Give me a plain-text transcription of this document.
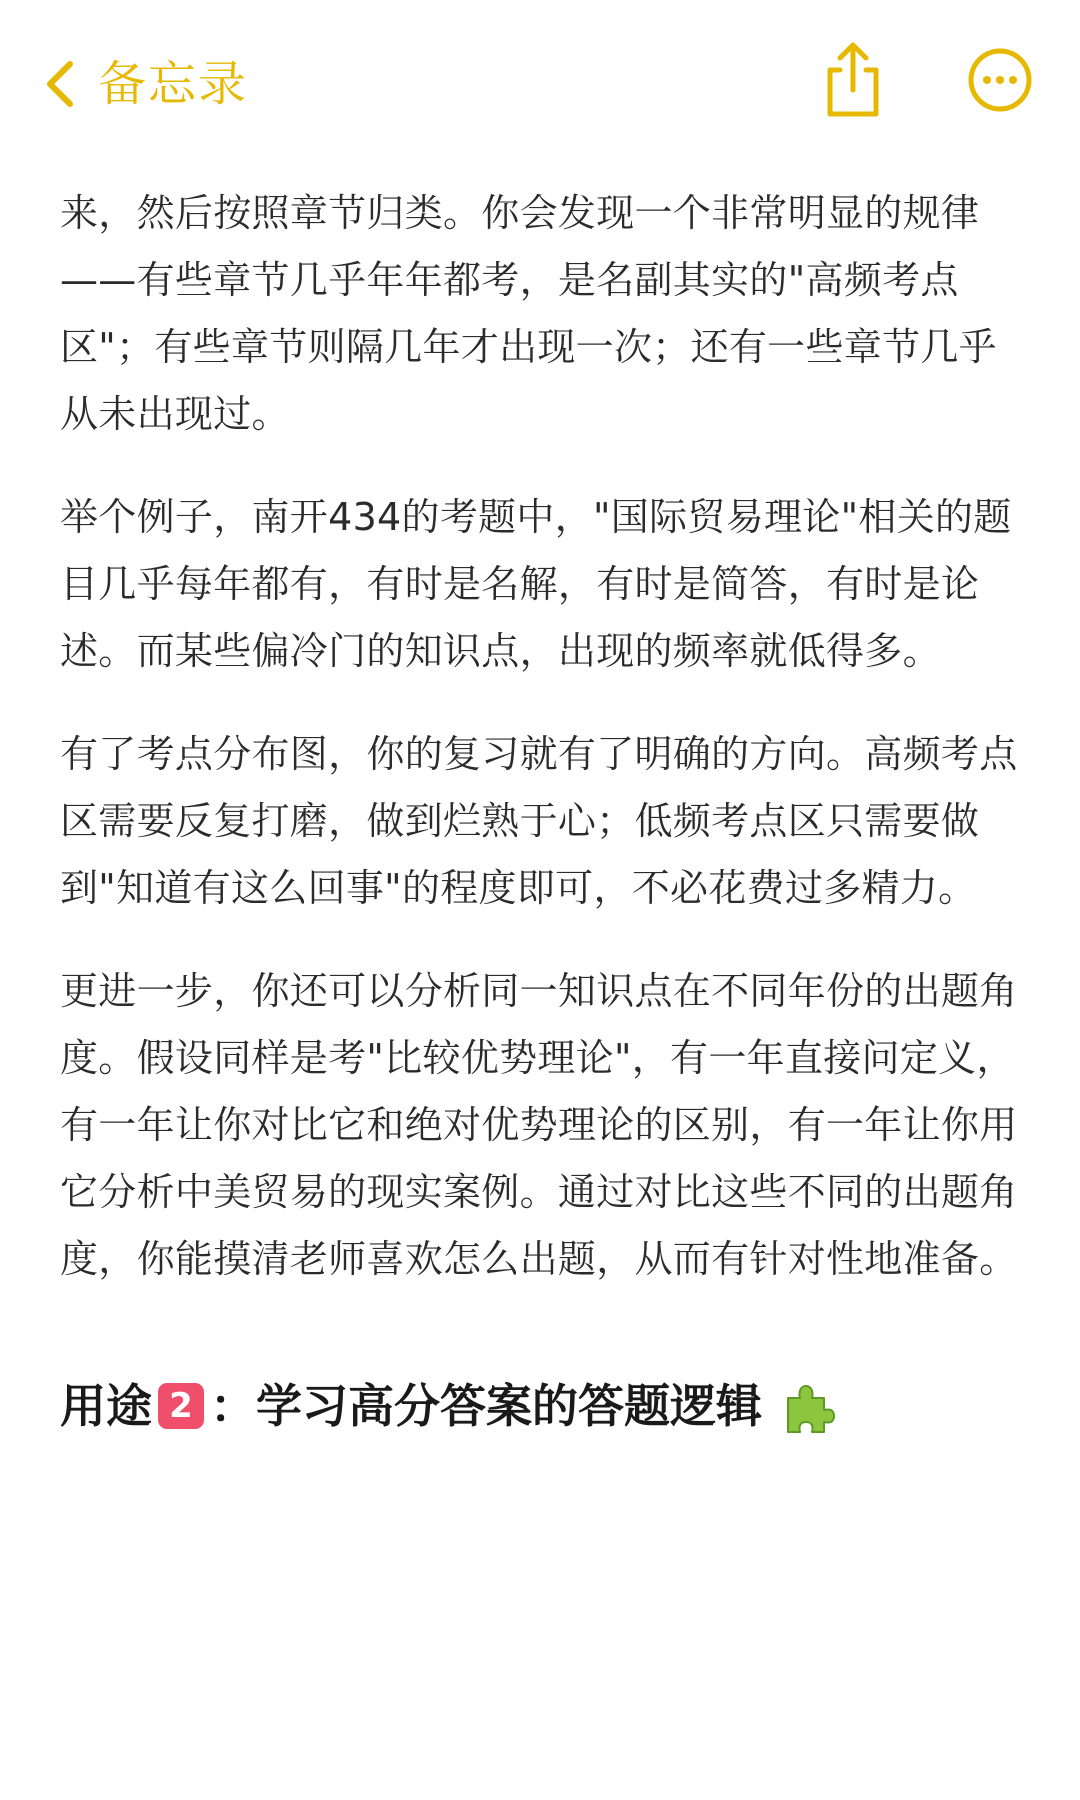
备忘录

来，然后按照章节归类。你会发现一个非常明显的规律——有些章节几乎年年都考，是名副其实的"高频考点区"；有些章节则隔几年才出现一次；还有一些章节几乎从未出现过。

举个例子，南开434的考题中，"国际贸易理论"相关的题目几乎每年都有，有时是名解，有时是简答，有时是论述。而某些偏冷门的知识点，出现的频率就低得多。

有了考点分布图，你的复习就有了明确的方向。高频考点区需要反复打磨，做到烂熟于心；低频考点区只需要做到"知道有这么回事"的程度即可，不必花费过多精力。

更进一步，你还可以分析同一知识点在不同年份的出题角度。假设同样是考"比较优势理论"，有一年直接问定义，有一年让你对比它和绝对优势理论的区别，有一年让你用它分析中美贸易的现实案例。通过对比这些不同的出题角度，你能摸清老师喜欢怎么出题，从而有针对性地准备。

用途 2 ：学习高分答案的答题逻辑
